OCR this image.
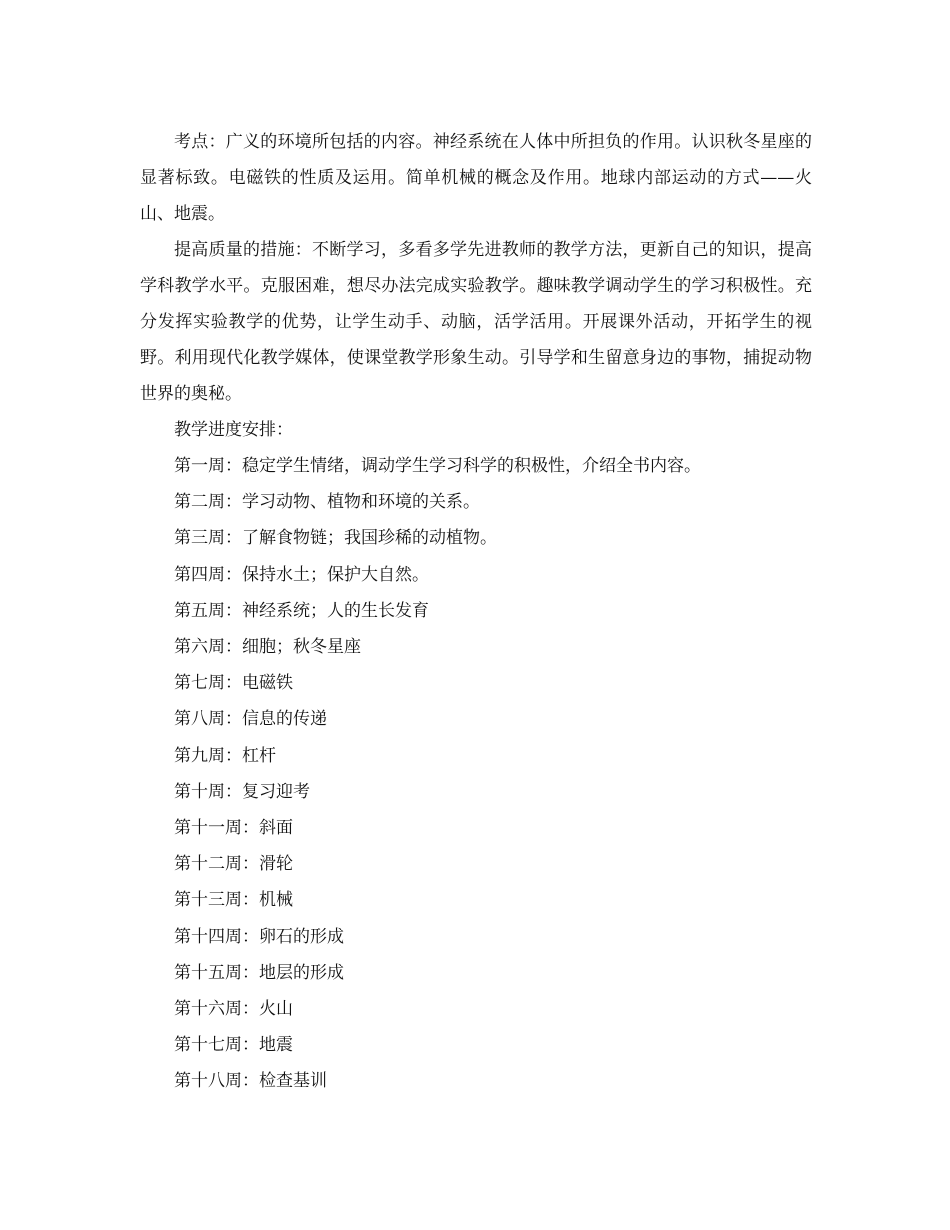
考点：广义的环境所包括的内容。神经系统在人体中所担负的作用。认识秋冬星座的显著标致。电磁铁的性质及运用。简单机械的概念及作用。地球内部运动的方式——火山、地震。

提高质量的措施：不断学习，多看多学先进教师的教学方法，更新自己的知识，提高学科教学水平。克服困难，想尽办法完成实验教学。趣味教学调动学生的学习积极性。充分发挥实验教学的优势，让学生动手、动脑，活学活用。开展课外活动，开拓学生的视野。利用现代化教学媒体，使课堂教学形象生动。引导学和生留意身边的事物，捕捉动物世界的奥秘。

教学进度安排：

第一周：稳定学生情绪，调动学生学习科学的积极性，介绍全书内容。
第二周：学习动物、植物和环境的关系。
第三周：了解食物链；我国珍稀的动植物。
第四周：保持水土；保护大自然。
第五周：神经系统；人的生长发育
第六周：细胞；秋冬星座
第七周：电磁铁
第八周：信息的传递
第九周：杠杆
第十周：复习迎考
第十一周：斜面
第十二周：滑轮
第十三周：机械
第十四周：卵石的形成
第十五周：地层的形成
第十六周：火山
第十七周：地震
第十八周：检查基训
